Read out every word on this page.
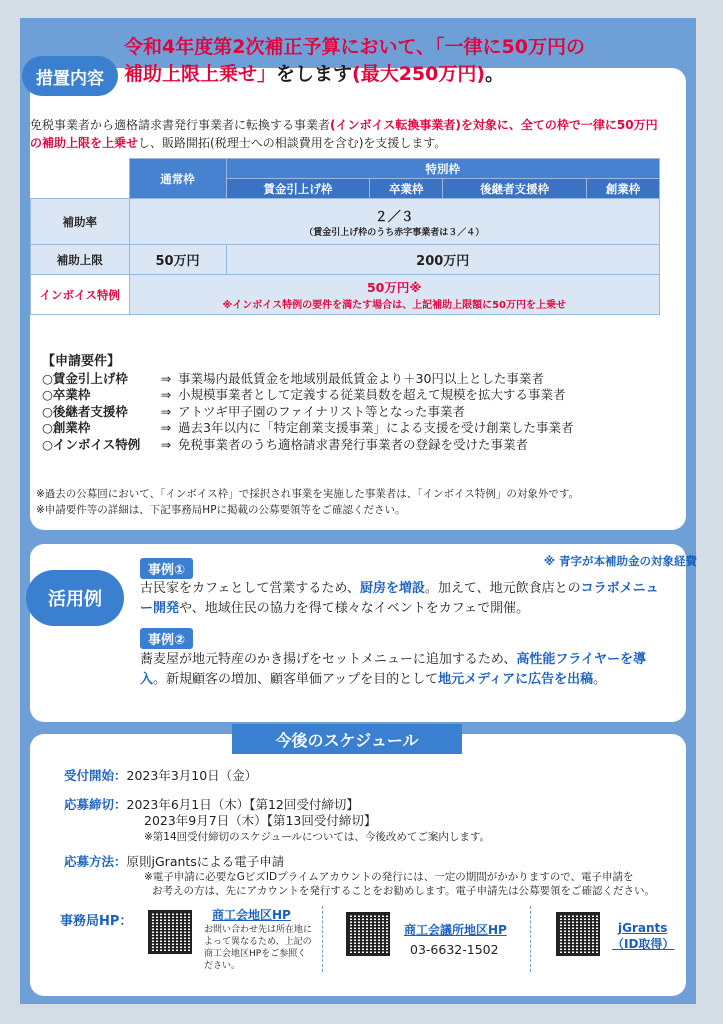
措置内容
令和4年度第2次補正予算において、「一律に50万円の
補助上限上乗せ」をします(最大250万円)。
免税事業者から適格請求書発行事業者に転換する事業者(インボイス転換事業者)を対象に、全ての枠で一律に50万円の補助上限を上乗せし、販路開拓(税理士への相談費用を含む)を支援します。
	通常枠	特別枠			
		賃金引上げ枠	卒業枠	後継者支援枠	創業枠
補助率	２／３
（賃金引上げ枠のうち赤字事業者は３／４）				

補助上限	50万円	200万円			
インボイス特例	50万円※
※インボイス特例の要件を満たす場合は、上記補助上限額に50万円を上乗せ				
【申請要件】
○賃金引上げ枠	⇒ 事業場内最低賃金を地域別最低賃金より＋30円以上とした事業者
○卒業枠	⇒ 小規模事業者として定義する従業員数を超えて規模を拡大する事業者
○後継者支援枠	⇒ アトツギ甲子園のファイナリスト等となった事業者
○創業枠	⇒ 過去3年以内に「特定創業支援事業」による支援を受け創業した事業者
○インボイス特例	⇒ 免税事業者のうち適格請求書発行事業者の登録を受けた事業者
※過去の公募回において、「インボイス枠」で採択され事業を実施した事業者は、「インボイス特例」の対象外です。
※申請要件等の詳細は、下記事務局HPに掲載の公募要領等をご確認ください。
活用例
※ 青字が本補助金の対象経費
事例①
古民家をカフェとして営業するため、厨房を増設。加えて、地元飲食店とのコラボメニュー開発や、地域住民の協力を得て様々なイベントをカフェで開催。
事例②
蕎麦屋が地元特産のかき揚げをセットメニューに追加するため、高性能フライヤーを導入。新規顧客の増加、顧客単価アップを目的として地元メディアに広告を出稿。
今後のスケジュール
受付開始：2023年3月10日（金）
応募締切：2023年6月1日（木）【第12回受付締切】
2023年9月7日（木）【第13回受付締切】
※第14回受付締切のスケジュールについては、今後改めてご案内します。
応募方法：原則jGrantsによる電子申請
※電子申請に必要なGビズIDプライムアカウントの発行には、一定の期間がかかりますので、電子申請を
お考えの方は、先にアカウントを発行することをお勧めします。電子申請先は公募要領をご確認ください。
事務局HP：	商工会地区HP
お問い合わせ先は所在地によって異なるため、上記の商工会地区HPをご参照ください。
商工会議所地区HP
03-6632-1502
jGrants
（ID取得）
